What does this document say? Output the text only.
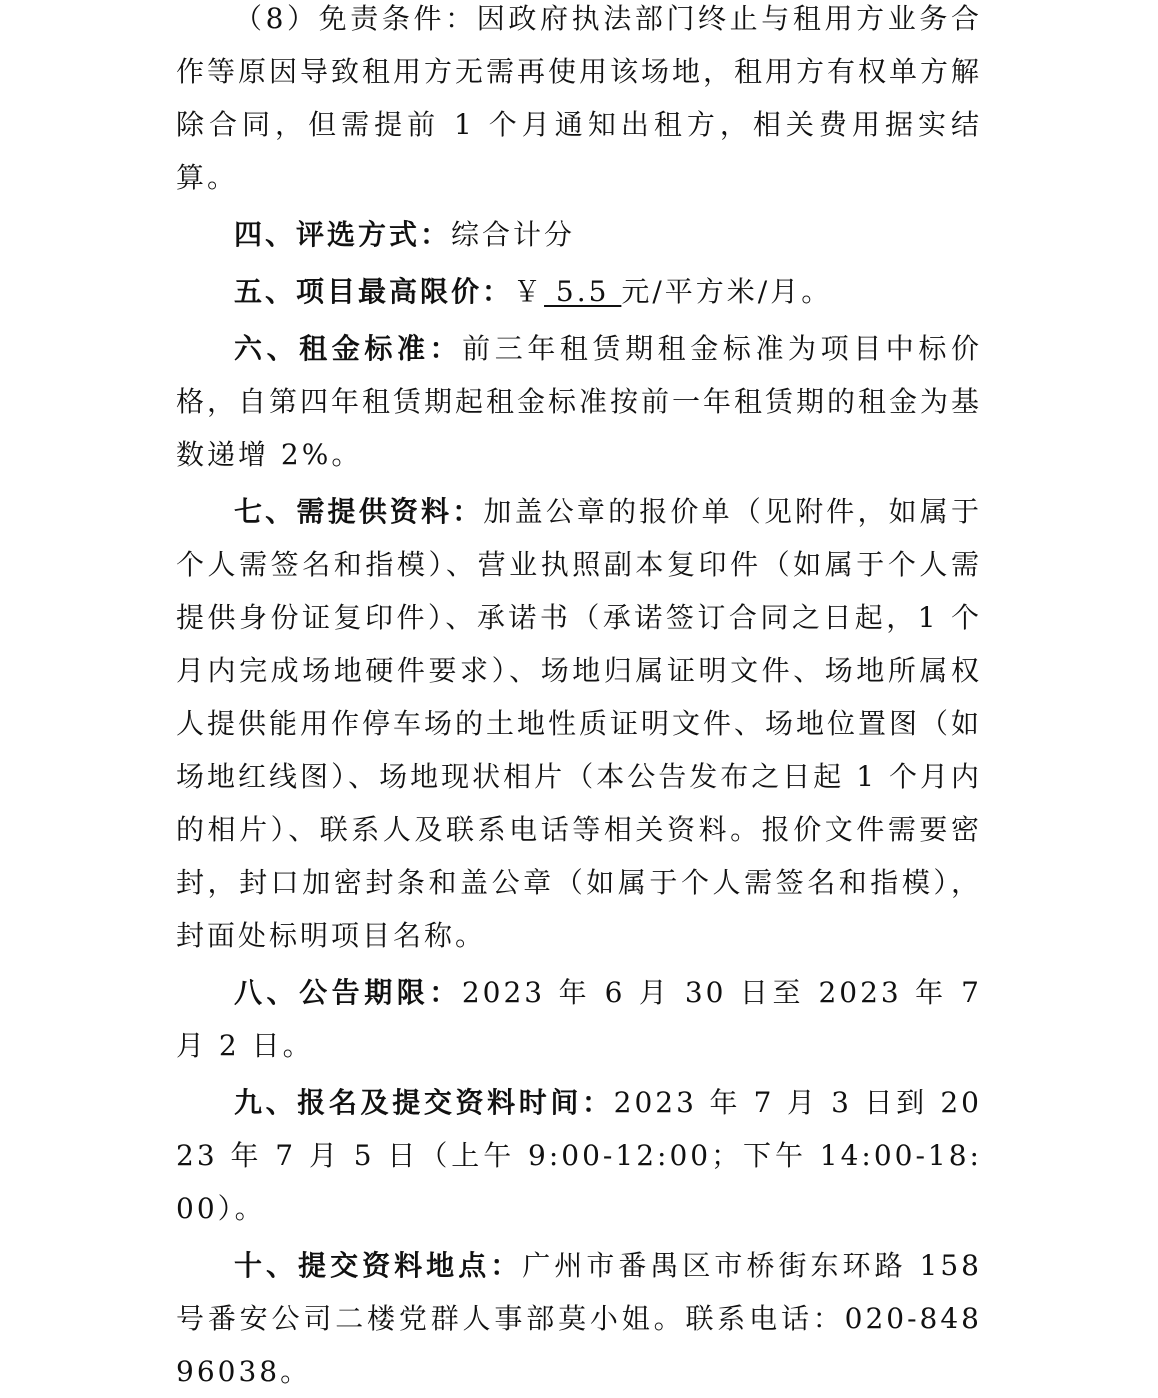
（8）免责条件：因政府执法部门终止与租用方业务合作等原因导致租用方无需再使用该场地，租用方有权单方解除合同，但需提前 1 个月通知出租方，相关费用据实结算。

四、评选方式：综合计分

五、项目最高限价：￥ 5.5 元/平方米/月。

六、租金标准：前三年租赁期租金标准为项目中标价格，自第四年租赁期起租金标准按前一年租赁期的租金为基数递增 2%。

七、需提供资料：加盖公章的报价单（见附件，如属于个人需签名和指模）、营业执照副本复印件（如属于个人需提供身份证复印件）、承诺书（承诺签订合同之日起，1 个月内完成场地硬件要求）、场地归属证明文件、场地所属权人提供能用作停车场的土地性质证明文件、场地位置图（如场地红线图）、场地现状相片（本公告发布之日起 1 个月内的相片）、联系人及联系电话等相关资料。报价文件需要密封，封口加密封条和盖公章（如属于个人需签名和指模），封面处标明项目名称。

八、公告期限：2023 年 6 月 30 日至 2023 年 7 月 2 日。

九、报名及提交资料时间：2023 年 7 月 3 日到 2023 年 7 月 5 日（上午 9:00-12:00；下午 14:00-18:00）。

十、提交资料地点：广州市番禺区市桥街东环路 158 号番安公司二楼党群人事部莫小姐。联系电话：020-84896038。
